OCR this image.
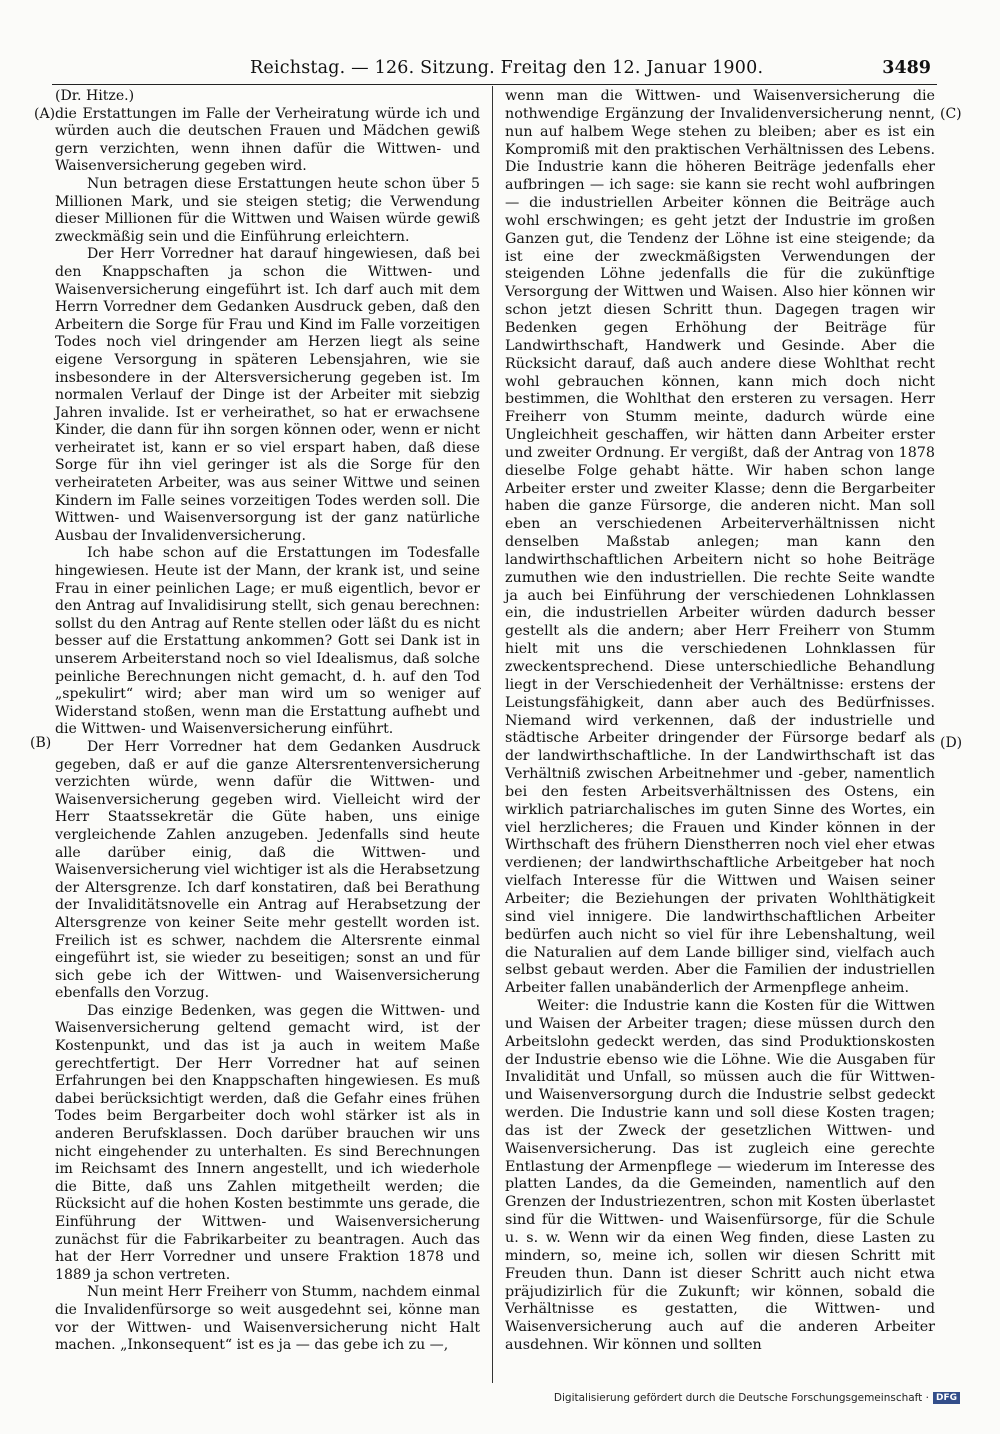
Reichstag. — 126. Sitzung. Freitag den 12. Januar 1900.	3489
(A)
(B)
(C)
(D)

(Dr. Hitze.)

die Erstattungen im Falle der Verheiratung würde ich und würden auch die deutschen Frauen und Mädchen gewiß gern verzichten, wenn ihnen dafür die Wittwen- und Waisenversicherung gegeben wird.

Nun betragen diese Erstattungen heute schon über 5 Millionen Mark, und sie steigen stetig; die Verwendung dieser Millionen für die Wittwen und Waisen würde gewiß zweckmäßig sein und die Einführung erleichtern.

Der Herr Vorredner hat darauf hingewiesen, daß bei den Knappschaften ja schon die Wittwen- und Waisenversicherung eingeführt ist. Ich darf auch mit dem Herrn Vorredner dem Gedanken Ausdruck geben, daß den Arbeitern die Sorge für Frau und Kind im Falle vorzeitigen Todes noch viel dringender am Herzen liegt als seine eigene Versorgung in späteren Lebensjahren, wie sie insbesondere in der Altersversicherung gegeben ist. Im normalen Verlauf der Dinge ist der Arbeiter mit siebzig Jahren invalide. Ist er verheirathet, so hat er erwachsene Kinder, die dann für ihn sorgen können oder, wenn er nicht verheiratet ist, kann er so viel erspart haben, daß diese Sorge für ihn viel geringer ist als die Sorge für den verheirateten Arbeiter, was aus seiner Wittwe und seinen Kindern im Falle seines vorzeitigen Todes werden soll. Die Wittwen- und Waisenversorgung ist der ganz natürliche Ausbau der Invalidenversicherung.

Ich habe schon auf die Erstattungen im Todesfalle hingewiesen. Heute ist der Mann, der krank ist, und seine Frau in einer peinlichen Lage; er muß eigentlich, bevor er den Antrag auf Invalidisirung stellt, sich genau berechnen: sollst du den Antrag auf Rente stellen oder läßt du es nicht besser auf die Erstattung ankommen? Gott sei Dank ist in unserem Arbeiterstand noch so viel Idealismus, daß solche peinliche Berechnungen nicht gemacht, d. h. auf den Tod „spekulirt“ wird; aber man wird um so weniger auf Widerstand stoßen, wenn man die Erstattung aufhebt und die Wittwen- und Waisenversicherung einführt.

Der Herr Vorredner hat dem Gedanken Ausdruck gegeben, daß er auf die ganze Altersrentenversicherung verzichten würde, wenn dafür die Wittwen- und Waisenversicherung gegeben wird. Vielleicht wird der Herr Staatssekretär die Güte haben, uns einige vergleichende Zahlen anzugeben. Jedenfalls sind heute alle darüber einig, daß die Wittwen- und Waisenversicherung viel wichtiger ist als die Herabsetzung der Altersgrenze. Ich darf konstatiren, daß bei Berathung der Invaliditätsnovelle ein Antrag auf Herabsetzung der Altersgrenze von keiner Seite mehr gestellt worden ist. Freilich ist es schwer, nachdem die Altersrente einmal eingeführt ist, sie wieder zu beseitigen; sonst an und für sich gebe ich der Wittwen- und Waisenversicherung ebenfalls den Vorzug.

Das einzige Bedenken, was gegen die Wittwen- und Waisenversicherung geltend gemacht wird, ist der Kostenpunkt, und das ist ja auch in weitem Maße gerechtfertigt. Der Herr Vorredner hat auf seinen Erfahrungen bei den Knappschaften hingewiesen. Es muß dabei berücksichtigt werden, daß die Gefahr eines frühen Todes beim Bergarbeiter doch wohl stärker ist als in anderen Berufsklassen. Doch darüber brauchen wir uns nicht eingehender zu unterhalten. Es sind Berechnungen im Reichsamt des Innern angestellt, und ich wiederhole die Bitte, daß uns Zahlen mitgetheilt werden; die Rücksicht auf die hohen Kosten bestimmte uns gerade, die Einführung der Wittwen- und Waisenversicherung zunächst für die Fabrikarbeiter zu beantragen. Auch das hat der Herr Vorredner und unsere Fraktion 1878 und 1889 ja schon vertreten.

Nun meint Herr Freiherr von Stumm, nachdem einmal die Invalidenfürsorge so weit ausgedehnt sei, könne man vor der Wittwen- und Waisenversicherung nicht Halt machen. „Inkonsequent“ ist es ja — das gebe ich zu —,

wenn man die Wittwen- und Waisenversicherung die nothwendige Ergänzung der Invalidenversicherung nennt, nun auf halbem Wege stehen zu bleiben; aber es ist ein Kompromiß mit den praktischen Verhältnissen des Lebens. Die Industrie kann die höheren Beiträge jedenfalls eher aufbringen — ich sage: sie kann sie recht wohl aufbringen — die industriellen Arbeiter können die Beiträge auch wohl erschwingen; es geht jetzt der Industrie im großen Ganzen gut, die Tendenz der Löhne ist eine steigende; da ist eine der zweckmäßigsten Verwendungen der steigenden Löhne jedenfalls die für die zukünftige Versorgung der Wittwen und Waisen. Also hier können wir schon jetzt diesen Schritt thun. Dagegen tragen wir Bedenken gegen Erhöhung der Beiträge für Landwirthschaft, Handwerk und Gesinde. Aber die Rücksicht darauf, daß auch andere diese Wohlthat recht wohl gebrauchen können, kann mich doch nicht bestimmen, die Wohlthat den ersteren zu versagen. Herr Freiherr von Stumm meinte, dadurch würde eine Ungleichheit geschaffen, wir hätten dann Arbeiter erster und zweiter Ordnung. Er vergißt, daß der Antrag von 1878 dieselbe Folge gehabt hätte. Wir haben schon lange Arbeiter erster und zweiter Klasse; denn die Bergarbeiter haben die ganze Fürsorge, die anderen nicht. Man soll eben an verschiedenen Arbeiterverhältnissen nicht denselben Maßstab anlegen; man kann den landwirthschaftlichen Arbeitern nicht so hohe Beiträge zumuthen wie den industriellen. Die rechte Seite wandte ja auch bei Einführung der verschiedenen Lohnklassen ein, die industriellen Arbeiter würden dadurch besser gestellt als die andern; aber Herr Freiherr von Stumm hielt mit uns die verschiedenen Lohnklassen für zweckentsprechend. Diese unterschiedliche Behandlung liegt in der Verschiedenheit der Verhältnisse: erstens der Leistungsfähigkeit, dann aber auch des Bedürfnisses. Niemand wird verkennen, daß der industrielle und städtische Arbeiter dringender der Fürsorge bedarf als der landwirthschaftliche. In der Landwirthschaft ist das Verhältniß zwischen Arbeitnehmer und -geber, namentlich bei den festen Arbeitsverhältnissen des Ostens, ein wirklich patriarchalisches im guten Sinne des Wortes, ein viel herzlicheres; die Frauen und Kinder können in der Wirthschaft des frühern Dienstherren noch viel eher etwas verdienen; der landwirthschaftliche Arbeitgeber hat noch vielfach Interesse für die Wittwen und Waisen seiner Arbeiter; die Beziehungen der privaten Wohlthätigkeit sind viel innigere. Die landwirthschaftlichen Arbeiter bedürfen auch nicht so viel für ihre Lebenshaltung, weil die Naturalien auf dem Lande billiger sind, vielfach auch selbst gebaut werden. Aber die Familien der industriellen Arbeiter fallen unabänderlich der Armenpflege anheim.

Weiter: die Industrie kann die Kosten für die Wittwen und Waisen der Arbeiter tragen; diese müssen durch den Arbeitslohn gedeckt werden, das sind Produktionskosten der Industrie ebenso wie die Löhne. Wie die Ausgaben für Invalidität und Unfall, so müssen auch die für Wittwen- und Waisenversorgung durch die Industrie selbst gedeckt werden. Die Industrie kann und soll diese Kosten tragen; das ist der Zweck der gesetzlichen Wittwen- und Waisenversicherung. Das ist zugleich eine gerechte Entlastung der Armenpflege — wiederum im Interesse des platten Landes, da die Gemeinden, namentlich auf den Grenzen der Industriezentren, schon mit Kosten überlastet sind für die Wittwen- und Waisenfürsorge, für die Schule u. s. w. Wenn wir da einen Weg finden, diese Lasten zu mindern, so, meine ich, sollen wir diesen Schritt mit Freuden thun. Dann ist dieser Schritt auch nicht etwa präjudizirlich für die Zukunft; wir können, sobald die Verhältnisse es gestatten, die Wittwen- und Waisenversicherung auch auf die anderen Arbeiter ausdehnen. Wir können und sollten

Digitalisierung gefördert durch die Deutsche Forschungsgemeinschaft · DFG
